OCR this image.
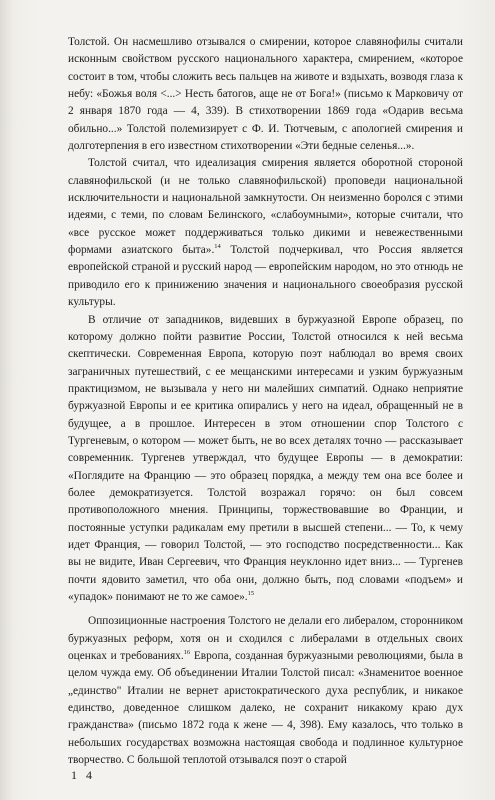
Толстой. Он насмешливо отзывался о смирении, которое славянофилы считали исконным свойством русского национального характера, смирением, «которое состоит в том, чтобы сложить весь пальцев на животе и вздыхать, возводя глаза к небу: «Божья воля <...> Несть батогов, аще не от Бога!» (письмо к Марковичу от 2 января 1870 года — 4, 339). В стихотворении 1869 года «Одарив весьма обильно...» Толстой полемизирует с Ф. И. Тютчевым, с апологией смирения и долготерпения в его известном стихотворении «Эти бедные селенья...».

Толстой считал, что идеализация смирения является оборотной стороной славянофильской (и не только славянофильской) проповеди национальной исключительности и национальной замкнутости. Он неизменно боролся с этими идеями, с теми, по словам Белинского, «слабоумными», которые считали, что «все русское может поддерживаться только дикими и невежественными формами азиатского быта».$^{14}$ Толстой подчеркивал, что Россия является европейской страной и русский народ — европейским народом, но это отнюдь не приводило его к принижению значения и национального своеобразия русской культуры.

В отличие от западников, видевших в буржуазной Европе образец, по которому должно пойти развитие России, Толстой относился к ней весьма скептически. Современная Европа, которую поэт наблюдал во время своих заграничных путешествий, с ее мещанскими интересами и узким буржуазным практицизмом, не вызывала у него ни малейших симпатий. Однако неприятие буржуазной Европы и ее критика опирались у него на идеал, обращенный не в будущее, а в прошлое. Интересен в этом отношении спор Толстого с Тургеневым, о котором — может быть, не во всех деталях точно — рассказывает современник. Тургенев утверждал, что будущее Европы — в демократии: «Поглядите на Францию — это образец порядка, а между тем она все более и более демократизуется. Толстой возражал горячо: он был совсем противоположного мнения. Принципы, торжествовавшие во Франции, и постоянные уступки радикалам ему претили в высшей степени... — То, к чему идет Франция, — говорил Толстой, — это господство посредственности... Как вы не видите, Иван Сергеевич, что Франция неуклонно идет вниз... — Тургенев почти ядовито заметил, что оба они, должно быть, под словами «подъем» и «упадок» понимают не то же самое».$^{15}$

Оппозиционные настроения Толстого не делали его либералом, сторонником буржуазных реформ, хотя он и сходился с либералами в отдельных своих оценках и требованиях.$^{16}$ Европа, созданная буржуазными революциями, была в целом чужда ему. Об объединении Италии Толстой писал: «Знаменитое военное „единство" Италии не вернет аристократического духа республик, и никакое единство, доведенное слишком далеко, не сохранит никакому краю дух гражданства» (письмо 1872 года к жене — 4, 398). Ему казалось, что только в небольших государствах возможна настоящая свобода и подлинное культурное творчество. С большой теплотой отзывался поэт о старой

1 4
